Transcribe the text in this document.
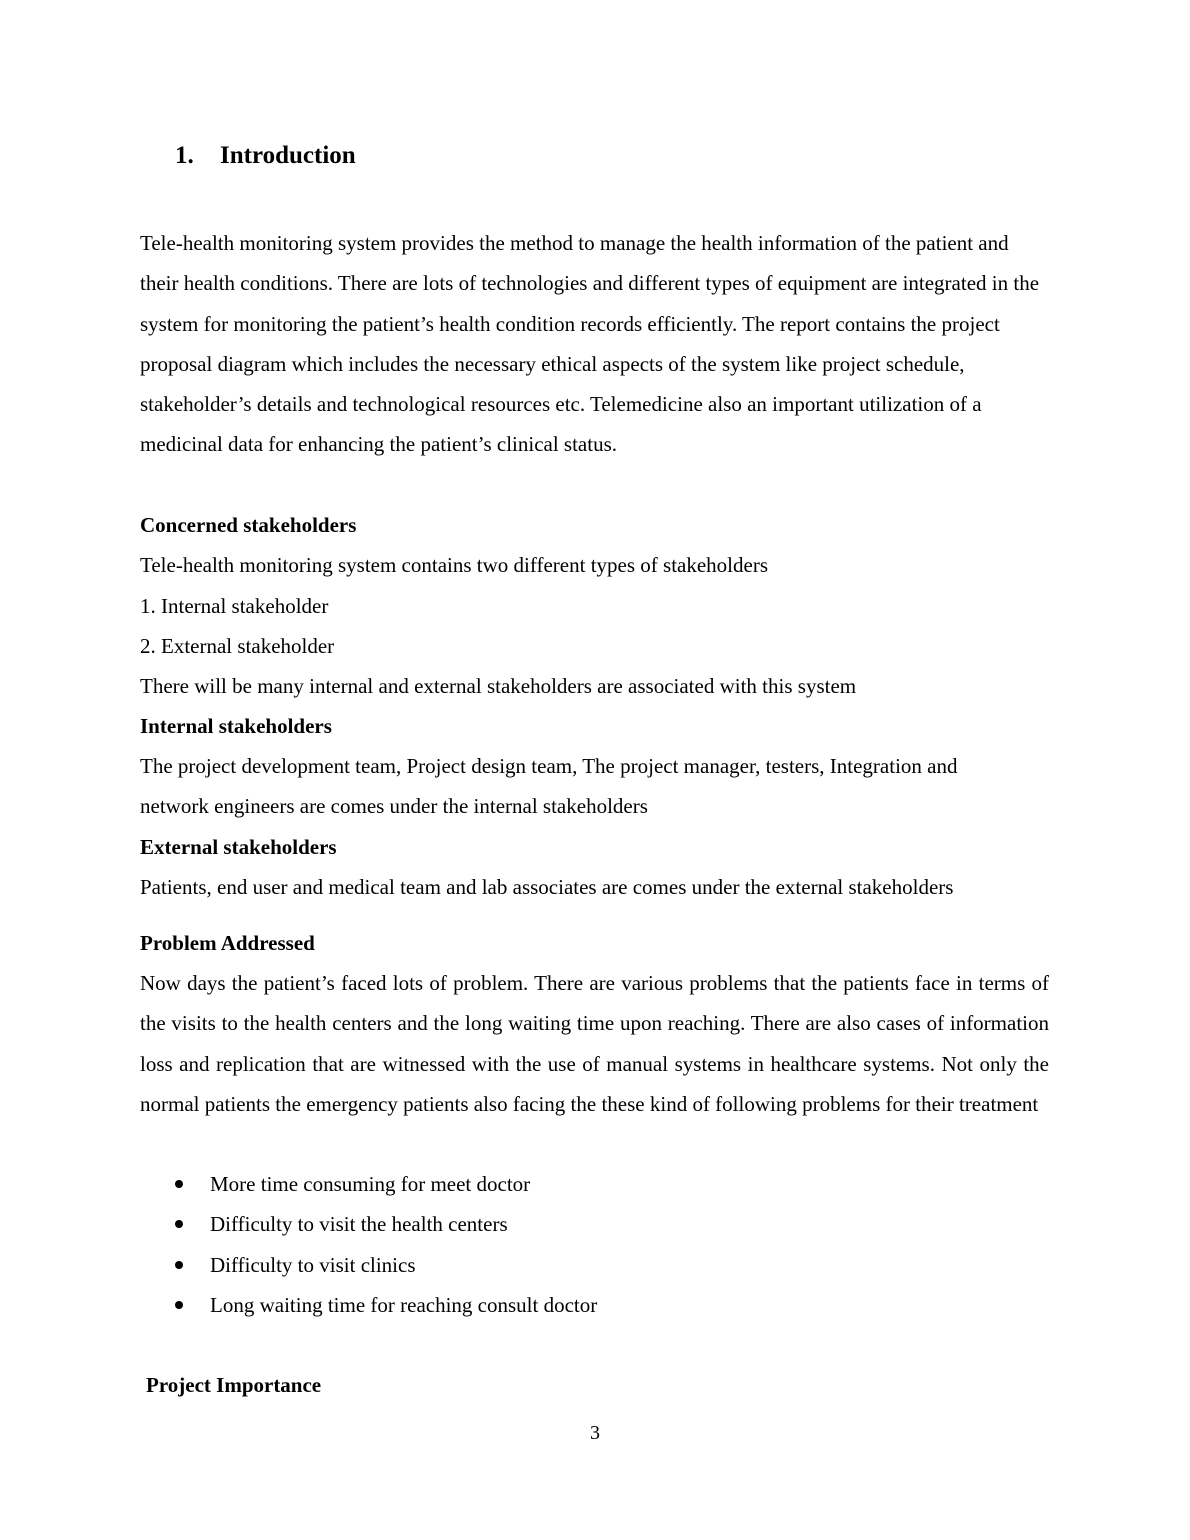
1. Introduction

Tele-health monitoring system provides the method to manage the health information of the patient and their health conditions. There are lots of technologies and different types of equipment are integrated in the system for monitoring the patient’s health condition records efficiently. The report contains the project proposal diagram which includes the necessary ethical aspects of the system like project schedule, stakeholder’s details and technological resources etc. Telemedicine also an important utilization of a medicinal data for enhancing the patient’s clinical status.

Concerned stakeholders
Tele-health monitoring system contains two different types of stakeholders
1. Internal stakeholder
2. External stakeholder
There will be many internal and external stakeholders are associated with this system
Internal stakeholders
The project development team, Project design team, The project manager, testers, Integration and
network engineers are comes under the internal stakeholders
External stakeholders
Patients, end user and medical team and lab associates are comes under the external stakeholders
Problem Addressed

Now days the patient’s faced lots of problem. There are various problems that the patients face in terms of the visits to the health centers and the long waiting time upon reaching. There are also cases of information loss and replication that are witnessed with the use of manual systems in healthcare systems. Not only the normal patients the emergency patients also facing the these kind of following problems for their treatment

More time consuming for meet doctor
Difficulty to visit the health centers
Difficulty to visit clinics
Long waiting time for reaching consult doctor
Project Importance
3
